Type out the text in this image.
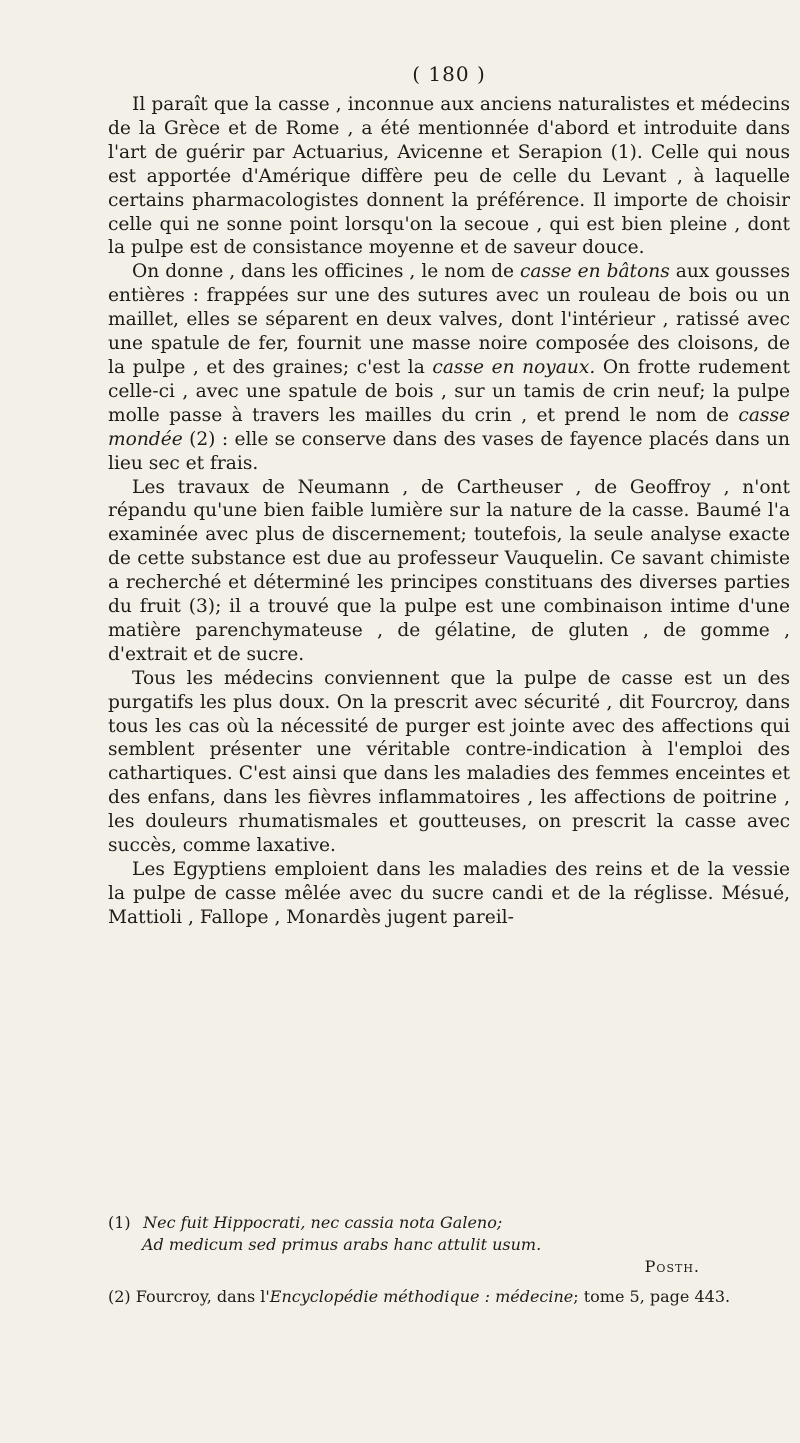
( 180 )

Il paraît que la casse , inconnue aux anciens naturalistes et médecins de la Grèce et de Rome , a été mentionnée d'abord et introduite dans l'art de guérir par Actuarius, Avicenne et Serapion (1). Celle qui nous est apportée d'Amérique diffère peu de celle du Levant , à laquelle certains pharmacologistes donnent la préférence. Il importe de choisir celle qui ne sonne point lorsqu'on la secoue , qui est bien pleine , dont la pulpe est de consistance moyenne et de saveur douce.

On donne , dans les officines , le nom de casse en bâtons aux gousses entières : frappées sur une des sutures avec un rouleau de bois ou un maillet, elles se séparent en deux valves, dont l'intérieur , ratissé avec une spatule de fer, fournit une masse noire composée des cloisons, de la pulpe , et des graines; c'est la casse en noyaux. On frotte rudement celle-ci , avec une spatule de bois , sur un tamis de crin neuf; la pulpe molle passe à travers les mailles du crin , et prend le nom de casse mondée (2) : elle se conserve dans des vases de fayence placés dans un lieu sec et frais.

Les travaux de Neumann , de Cartheuser , de Geoffroy , n'ont répandu qu'une bien faible lumière sur la nature de la casse. Baumé l'a examinée avec plus de discernement; toutefois, la seule analyse exacte de cette substance est due au professeur Vauquelin. Ce savant chimiste a recherché et déterminé les principes constituans des diverses parties du fruit (3); il a trouvé que la pulpe est une combinaison intime d'une matière parenchymateuse , de gélatine, de gluten , de gomme , d'extrait et de sucre.

Tous les médecins conviennent que la pulpe de casse est un des purgatifs les plus doux. On la prescrit avec sécurité , dit Fourcroy, dans tous les cas où la nécessité de purger est jointe avec des affections qui semblent présenter une véritable contre-indication à l'emploi des cathartiques. C'est ainsi que dans les maladies des femmes enceintes et des enfans, dans les fièvres inflammatoires , les affections de poitrine , les douleurs rhumatismales et goutteuses, on prescrit la casse avec succès, comme laxative.

Les Egyptiens emploient dans les maladies des reins et de la vessie la pulpe de casse mêlée avec du sucre candi et de la réglisse. Mésué, Mattioli , Fallope , Monardès jugent pareil-

(1) Nec fuit Hippocrati, nec cassia nota Galeno;
Ad medicum sed primus arabs hanc attulit usum.
Posth.
(2) Fourcroy, dans l'Encyclopédie méthodique : médecine; tome 5, page 443.
